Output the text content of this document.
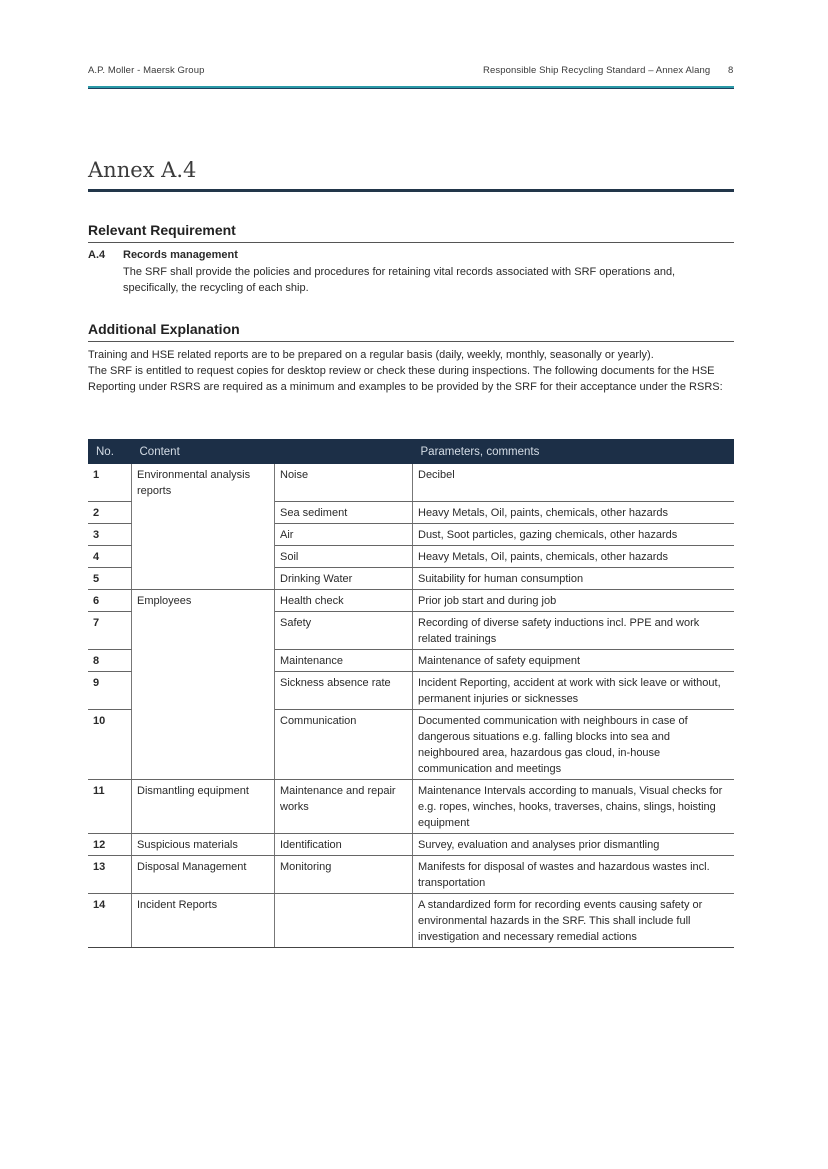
A.P. Moller - Maersk Group	Responsible Ship Recycling Standard – Annex Alang 8
Annex A.4
Relevant Requirement
A.4 Records management
The SRF shall provide the policies and procedures for retaining vital records associated with SRF operations and, specifically, the recycling of each ship.
Additional Explanation

Training and HSE related reports are to be prepared on a regular basis (daily, weekly, monthly, seasonally or yearly).

The SRF is entitled to request copies for desktop review or check these during inspections. The following documents for the HSE Reporting under RSRS are required as a minimum and examples to be provided by the SRF for their acceptance under the RSRS:

No.	Content		Parameters, comments
1	Environmental analysis reports	Noise	Decibel
2		Sea sediment	Heavy Metals, Oil, paints, chemicals, other hazards
3		Air	Dust, Soot particles, gazing chemicals, other hazards
4		Soil	Heavy Metals, Oil, paints, chemicals, other hazards
5		Drinking Water	Suitability for human consumption
6	Employees	Health check	Prior job start and during job
7		Safety	Recording of diverse safety inductions incl. PPE and work related trainings
8		Maintenance	Maintenance of safety equipment
9		Sickness absence rate	Incident Reporting, accident at work with sick leave or without, permanent injuries or sicknesses
10		Communication	Documented communication with neighbours in case of dangerous situations e.g. falling blocks into sea and neighboured area, hazardous gas cloud, in-house communication and meetings
11	Dismantling equipment	Maintenance and repair works	Maintenance Intervals according to manuals, Visual checks for e.g. ropes, winches, hooks, traverses, chains, slings, hoisting equipment
12	Suspicious materials	Identification	Survey, evaluation and analyses prior dismantling
13	Disposal Management	Monitoring	Manifests for disposal of wastes and hazardous wastes incl. transportation
14	Incident Reports		A standardized form for recording events causing safety or environmental hazards in the SRF. This shall include full investigation and necessary remedial actions
